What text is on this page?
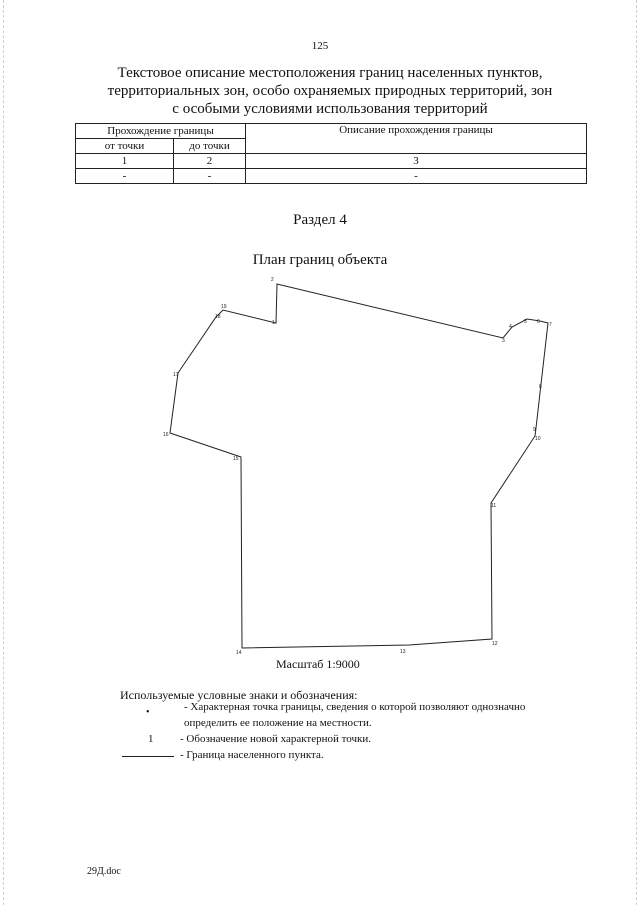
125
Текстовое описание местоположения границ населенных пунктов,
территориальных зон, особо охраняемых природных территорий, зон
с особыми условиями использования территорий
Прохождение границы		Описание прохождения границы
от точки	до точки	
1	2	3
-	-	-
Раздел 4
План границ объекта
1
2
3
4
5 6 7
8
9
10
11
12
13
14
15
16
17
18
19
Масштаб 1:9000
Используемые условные знаки и обозначения:
•	- Характерная точка границы, сведения о которой позволяют однозначно
определить ее положение на местности.
1 - Обозначение новой характерной точки.
- Граница населенного пункта.
29Д.doc
